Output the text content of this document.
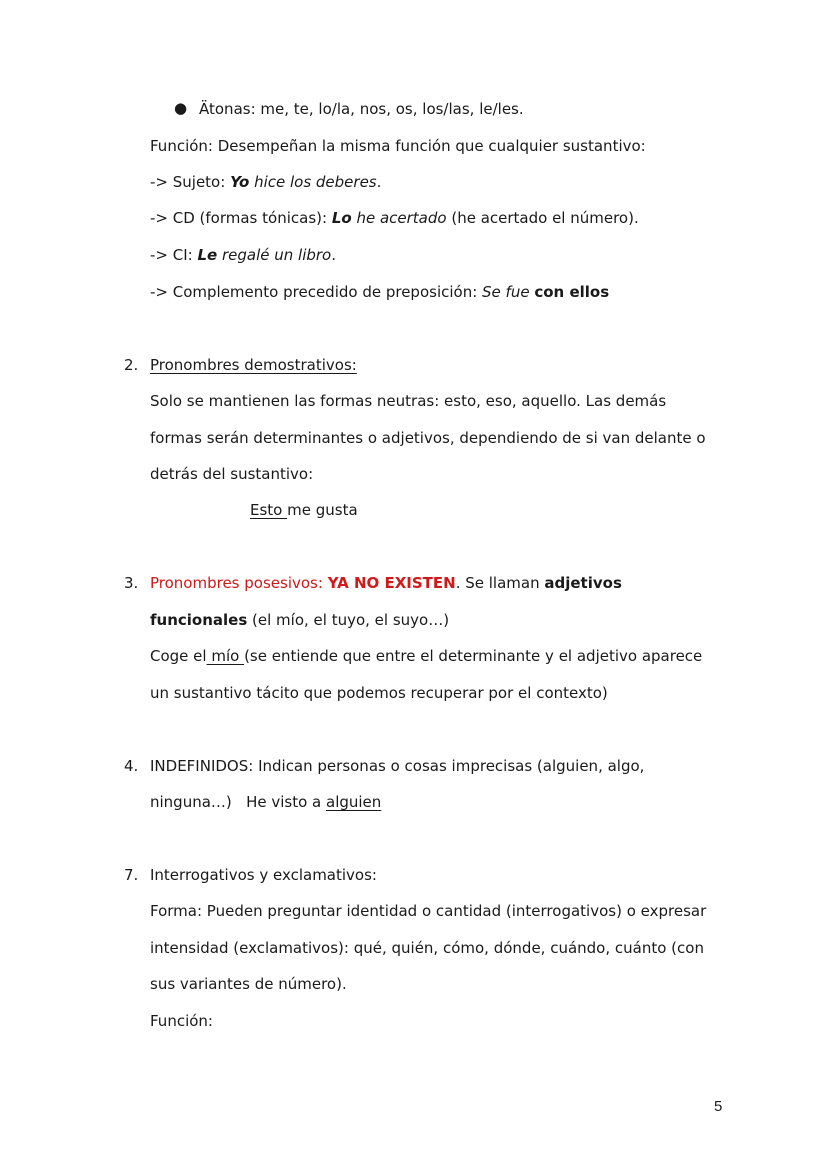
● Ätonas: me, te, lo/la, nos, os, los/las, le/les.
Función: Desempeñan la misma función que cualquier sustantivo:
-> Sujeto: Yo hice los deberes.
-> CD (formas tónicas): Lo he acertado (he acertado el número).
-> CI: Le regalé un libro.
-> Complemento precedido de preposición: Se fue con ellos
2. Pronombres demostrativos:
Solo se mantienen las formas neutras: esto, eso, aquello. Las demás
formas serán determinantes o adjetivos, dependiendo de si van delante o
detrás del sustantivo:
Esto me gusta
3. Pronombres posesivos: YA NO EXISTEN. Se llaman adjetivos
funcionales (el mío, el tuyo, el suyo…)
Coge el mío (se entiende que entre el determinante y el adjetivo aparece
un sustantivo tácito que podemos recuperar por el contexto)
4. INDEFINIDOS: Indican personas o cosas imprecisas (alguien, algo,
ninguna…)   He visto a alguien
7. Interrogativos y exclamativos:
Forma: Pueden preguntar identidad o cantidad (interrogativos) o expresar
intensidad (exclamativos): qué, quién, cómo, dónde, cuándo, cuánto (con
sus variantes de número).
Función:
5
